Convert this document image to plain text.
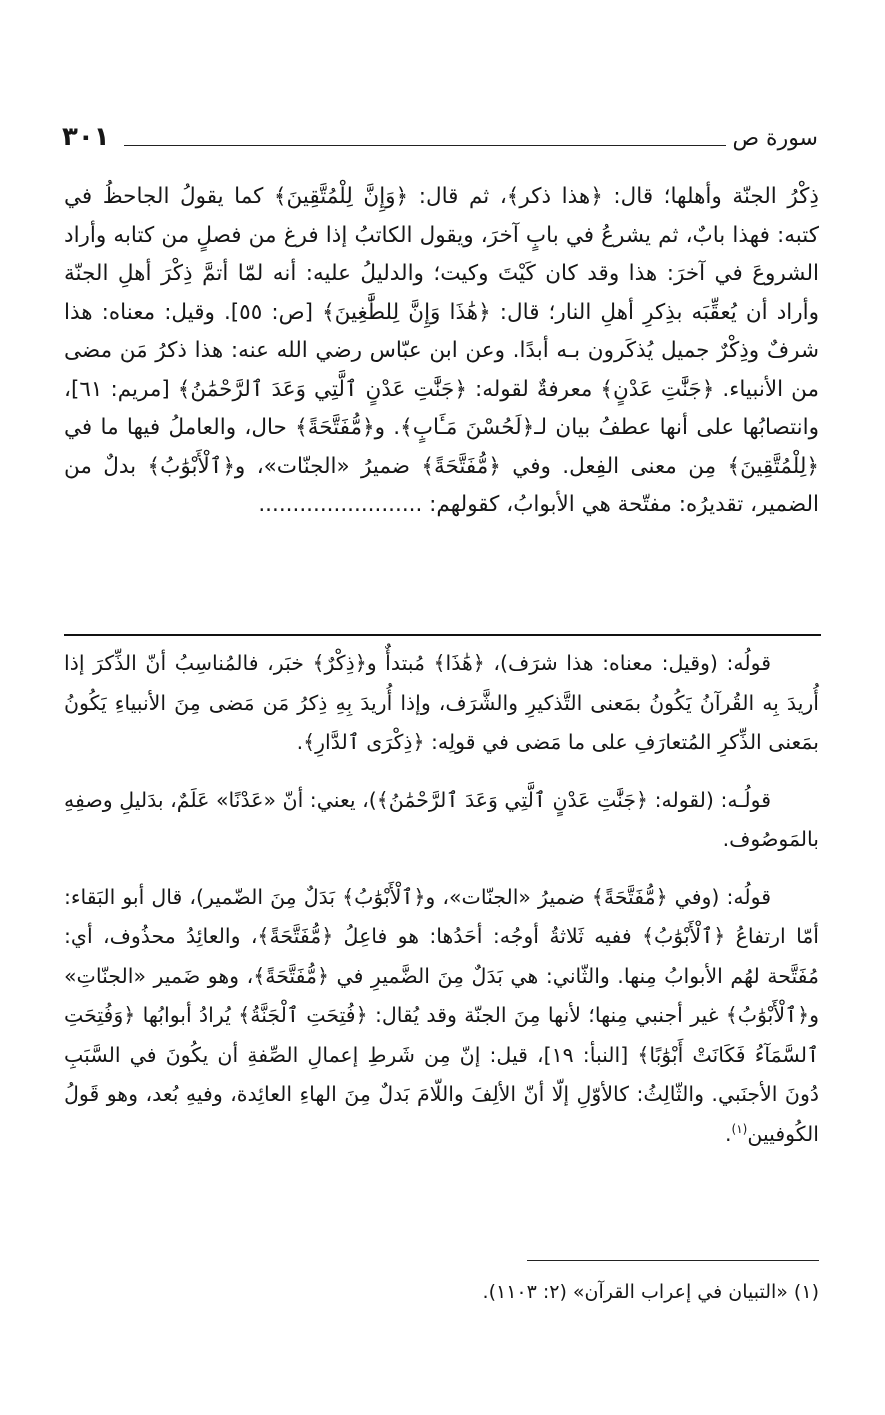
سورة ص
٣٠١

ذِكْرُ الجنّة وأهلها؛ قال: ﴿هذا ذكر﴾، ثم قال: ﴿وَإِنَّ لِلْمُتَّقِينَ﴾ كما يقولُ الجاحظُ في كتبه: فهذا بابٌ، ثم يشرعُ في بابٍ آخرَ، ويقول الكاتبُ إذا فرغ من فصلٍ من كتابه وأراد الشروعَ في آخرَ: هذا وقد كان كَيْتَ وكيت؛ والدليلُ عليه: أنه لمّا أتمَّ ذِكْرَ أهلِ الجنّة وأراد أن يُعقِّبَه بذِكرِ أهلِ النار؛ قال: ﴿هَٰذَا وَإِنَّ لِلطَّٰغِينَ﴾ [ص: ٥٥]. وقيل: معناه: هذا شرفٌ وذِكْرٌ جميل يُذكَرون بـه أبدًا. وعن ابن عبّاس رضي الله عنه: هذا ذكرُ مَن مضى من الأنبياء. ﴿جَنَّٰتِ عَدْنٍ﴾ معرفةٌ لقوله: ﴿جَنَّٰتِ عَدْنٍ ٱلَّتِي وَعَدَ ٱلرَّحْمَٰنُ﴾ [مريم: ٦١]، وانتصابُها على أنها عطفُ بيان لـ﴿لَحُسْنَ مَـَٔابٍ﴾. و﴿مُّفَتَّحَةً﴾ حال، والعاملُ فيها ما في ﴿لِلْمُتَّقِينَ﴾ مِن معنى الفِعل. وفي ﴿مُّفَتَّحَةً﴾ ضميرُ «الجنّات»، و﴿ٱلْأَبْوَٰبُ﴾ بدلٌ من الضمير، تقديرُه: مفتّحة هي الأبوابُ، كقولهم: ........................

قولُه: (وقيل: معناه: هذا شرَف)، ﴿هَٰذَا﴾ مُبتدأٌ و﴿ذِكْرٌ﴾ خبَر، فالمُناسِبُ أنّ الذِّكرَ إذا أُريدَ بِه القُرآنُ يَكُونُ بمَعنى التَّذكيرِ والشَّرَف، وإذا أُريدَ بِهِ ذِكرُ مَن مَضى مِنَ الأنبياءِ يَكُونُ بمَعنى الذِّكرِ المُتعارَفِ على ما مَضى في قولِه: ﴿ذِكْرَى ٱلدَّارِ﴾.

قولُـه: (لقوله: ﴿جَنَّٰتِ عَدْنٍ ٱلَّتِي وَعَدَ ٱلرَّحْمَٰنُ﴾)، يعني: أنّ «عَدْنًا» عَلَمٌ، بدَليلِ وصفِهِ بالمَوصُوف.

قولُه: (وفي ﴿مُّفَتَّحَةً﴾ ضميرُ «الجنّات»، و﴿ٱلْأَبْوَٰبُ﴾ بَدَلٌ مِنَ الضّمير)، قال أبو البَقاء: أمّا ارتفاعُ ﴿ٱلْأَبْوَٰبُ﴾ ففيه ثَلاثةُ أوجُه: أحَدُها: هو فاعِلُ ﴿مُّفَتَّحَةً﴾، والعائِدُ محذُوف، أي: مُفَتَّحة لهُم الأبوابُ مِنها. والثّاني: هي بَدَلٌ مِنَ الضَّميرِ في ﴿مُّفَتَّحَةً﴾، وهو ضَمير «الجنّاتِ» و﴿ٱلْأَبْوَٰبُ﴾ غير أجنبي مِنها؛ لأنها مِنَ الجنّة وقد يُقال: ﴿فُتِحَتِ ٱلْجَنَّةُ﴾ يُرادُ أبوابُها ﴿وَفُتِحَتِ ٱلسَّمَآءُ فَكَانَتْ أَبْوَٰبًا﴾ [النبأ: ١٩]، قيل: إنّ مِن شَرطِ إعمالِ الصِّفةِ أن يكُونَ في السَّبَبِ دُونَ الأجنَبي. والثّالِثُ: كالأوّلِ إلّا أنّ الألِفَ واللّامَ بَدلٌ مِنَ الهاءِ العائِدة، وفيهِ بُعد، وهو قَولُ الكُوفيين$^{(١)}$.

(١) «التبيان في إعراب القرآن» (٢: ١١٠٣).
